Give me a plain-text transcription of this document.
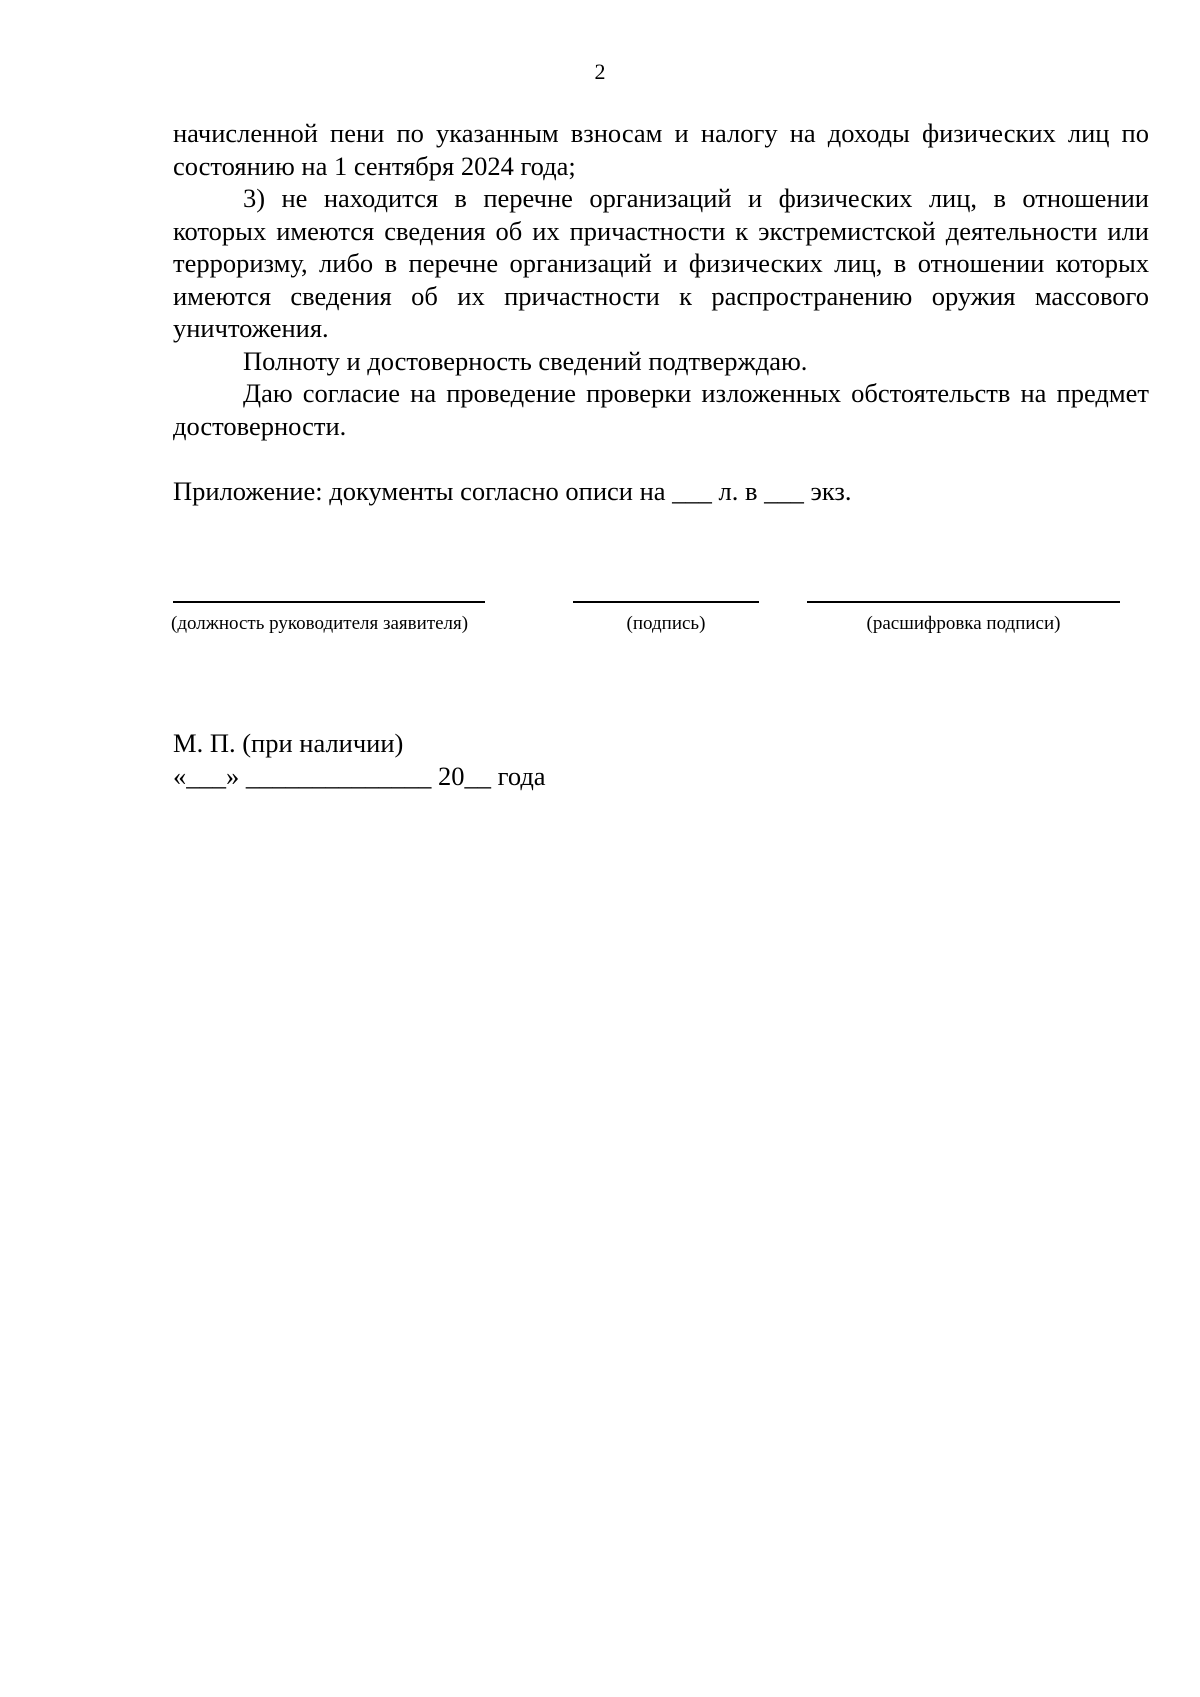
2

начисленной пени по указанным взносам и налогу на доходы физических лиц по состоянию на 1 сентября 2024 года;

3) не находится в перечне организаций и физических лиц, в отношении которых имеются сведения об их причастности к экстремистской деятельности или терроризму, либо в перечне организаций и физических лиц, в отношении которых имеются сведения об их причастности к распространению оружия массового уничтожения.

Полноту и достоверность сведений подтверждаю.

Даю согласие на проведение проверки изложенных обстоятельств на предмет достоверности.

Приложение: документы согласно описи на ___ л. в ___ экз.
(должность руководителя заявителя)	(подпись)	(расшифровка подписи)
М. П. (при наличии)
«___» ______________ 20__ года
